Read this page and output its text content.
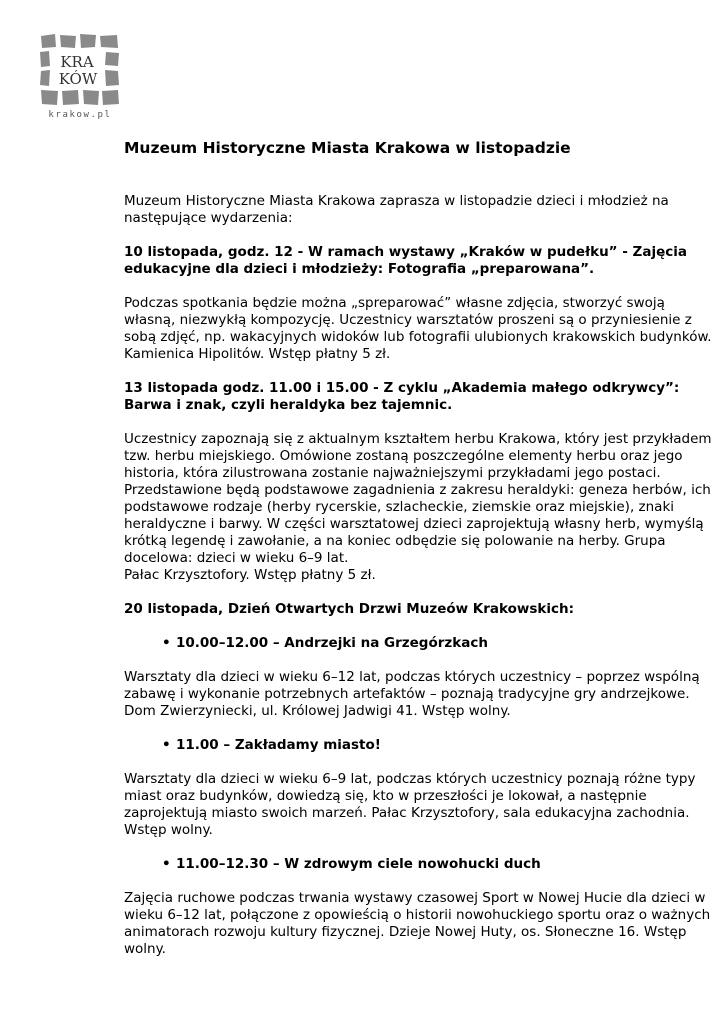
KRA
KÓW
krakow.pl
Muzeum Historyczne Miasta Krakowa w listopadzie

Muzeum Historyczne Miasta Krakowa zaprasza w listopadzie dzieci i młodzież na następujące wydarzenia:

10 listopada, godz. 12 - W ramach wystawy „Kraków w pudełku” - Zajęcia edukacyjne dla dzieci i młodzieży: Fotografia „preparowana”.

Podczas spotkania będzie można „spreparować” własne zdjęcia, stworzyć swoją własną, niezwykłą kompozycję. Uczestnicy warsztatów proszeni są o przyniesienie z sobą zdjęć, np. wakacyjnych widoków lub fotografii ulubionych krakowskich budynków.

Kamienica Hipolitów. Wstęp płatny 5 zł.

13 listopada godz. 11.00 i 15.00 - Z cyklu „Akademia małego odkrywcy”: Barwa i znak, czyli heraldyka bez tajemnic.

Uczestnicy zapoznają się z aktualnym kształtem herbu Krakowa, który jest przykładem tzw. herbu miejskiego. Omówione zostaną poszczególne elementy herbu oraz jego historia, która zilustrowana zostanie najważniejszymi przykładami jego postaci. Przedstawione będą podstawowe zagadnienia z zakresu heraldyki: geneza herbów, ich podstawowe rodzaje (herby rycerskie, szlacheckie, ziemskie oraz miejskie), znaki heraldyczne i barwy. W części warsztatowej dzieci zaprojektują własny herb, wymyślą krótką legendę i zawołanie, a na koniec odbędzie się polowanie na herby. Grupa docelowa: dzieci w wieku 6–9 lat.

Pałac Krzysztofory. Wstęp płatny 5 zł.

20 listopada, Dzień Otwartych Drzwi Muzeów Krakowskich:
• 10.00–12.00 – Andrzejki na Grzegórzkach

Warsztaty dla dzieci w wieku 6–12 lat, podczas których uczestnicy – poprzez wspólną zabawę i wykonanie potrzebnych artefaktów – poznają tradycyjne gry andrzejkowe. Dom Zwierzyniecki, ul. Królowej Jadwigi 41. Wstęp wolny.

• 11.00 – Zakładamy miasto!

Warsztaty dla dzieci w wieku 6–9 lat, podczas których uczestnicy poznają różne typy miast oraz budynków, dowiedzą się, kto w przeszłości je lokował, a następnie zaprojektują miasto swoich marzeń. Pałac Krzysztofory, sala edukacyjna zachodnia. Wstęp wolny.

• 11.00–12.30 – W zdrowym ciele nowohucki duch

Zajęcia ruchowe podczas trwania wystawy czasowej Sport w Nowej Hucie dla dzieci w wieku 6–12 lat, połączone z opowieścią o historii nowohuckiego sportu oraz o ważnych animatorach rozwoju kultury fizycznej. Dzieje Nowej Huty, os. Słoneczne 16. Wstęp wolny.
